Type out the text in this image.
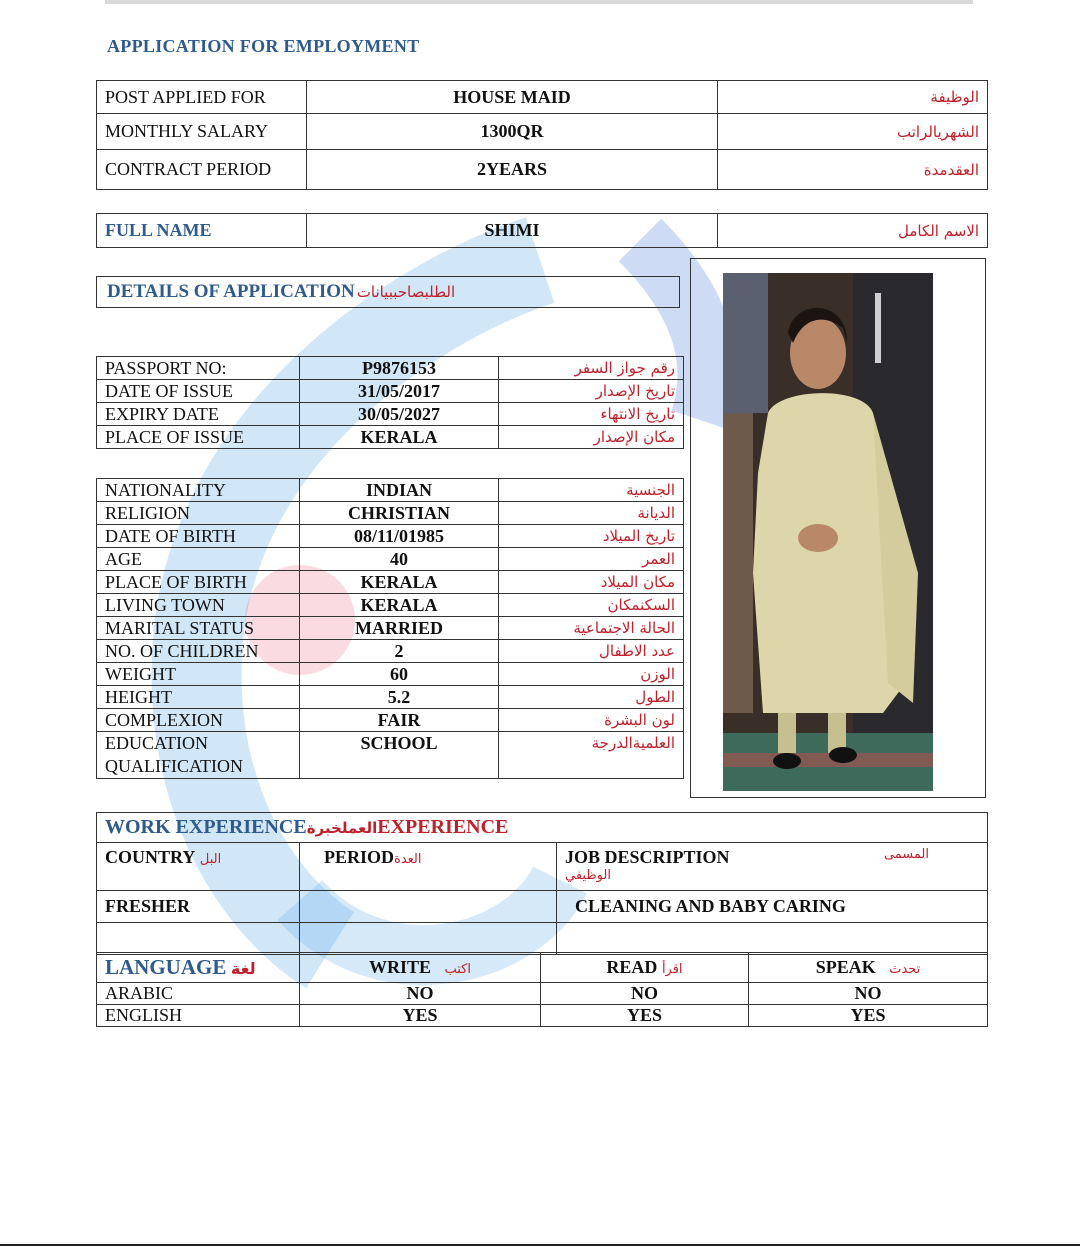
APPLICATION FOR EMPLOYMENT
POST APPLIED FOR	HOUSE MAID	الوظيفة
MONTHLY SALARY	1300QR	الشهريالراتب
CONTRACT PERIOD	2YEARS	العقدمدة
FULL NAME	SHIMI	الاسم الكامل
DETAILS OF APPLICATION الطلبصاحببيانات
PASSPORT NO:	P9876153	رقم جواز السفر
DATE OF ISSUE	31/05/2017	تاريخ الإصدار
EXPIRY DATE	30/05/2027	تاريخ الانتهاء
PLACE OF ISSUE	KERALA	مكان الإصدار
NATIONALITY	INDIAN	الجنسية
RELIGION	CHRISTIAN	الديانة
DATE OF BIRTH	08/11/01985	تاريخ الميلاد
AGE	40	العمر
PLACE OF BIRTH	KERALA	مكان الميلاد
LIVING TOWN	KERALA	السكنمكان
MARITAL STATUS	MARRIED	الحالة الاجتماعية
NO. OF CHILDREN	2	عدد الاطفال
WEIGHT	60	الوزن
HEIGHT	5.2	الطول
COMPLEXION	FAIR	لون البشرة
EDUCATION
QUALIFICATION	SCHOOL	العلميةالدرجة
WORK EXPERIENCEالعملخبرةEXPERIENCE		
COUNTRY البل	PERIODالعدة	JOB DESCRIPTION المسمى
الوظيفي

FRESHER		CLEANING AND BABY CARING

LANGUAGE لغة	WRITE اكتب	READ اقرأ	SPEAK تحدث
ARABIC	NO	NO	NO
ENGLISH	YES	YES	YES
